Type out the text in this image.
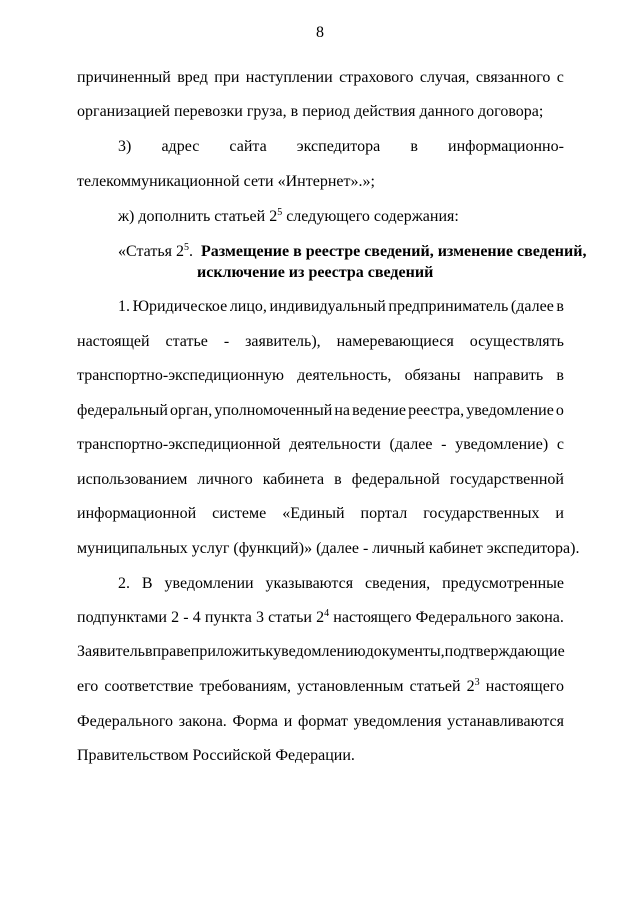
8
причиненный вред при наступлении страхового случая, связанного с
организацией перевозки груза, в период действия данного договора;
3) адрес сайта экспедитора в информационно-
телекоммуникационной сети «Интернет».»;
ж) дополнить статьей $2^5$ следующего содержания:
«Статья $2^5$. Размещение в реестре сведений, изменение сведений,
исключение из реестра сведений
1. Юридическое лицо, индивидуальный предприниматель (далее в
настоящей статье - заявитель), намеревающиеся осуществлять
транспортно-экспедиционную деятельность, обязаны направить в
федеральный орган, уполномоченный на ведение реестра, уведомление о
транспортно-экспедиционной деятельности (далее - уведомление) с
использованием личного кабинета в федеральной государственной
информационной системе «Единый портал государственных и
муниципальных услуг (функций)» (далее - личный кабинет экспедитора).
2. В уведомлении указываются сведения, предусмотренные
подпунктами 2 - 4 пункта 3 статьи $2^4$ настоящего Федерального закона.
Заявитель вправе приложить к уведомлению документы, подтверждающие
его соответствие требованиям, установленным статьей $2^3$ настоящего
Федерального закона. Форма и формат уведомления устанавливаются
Правительством Российской Федерации.
